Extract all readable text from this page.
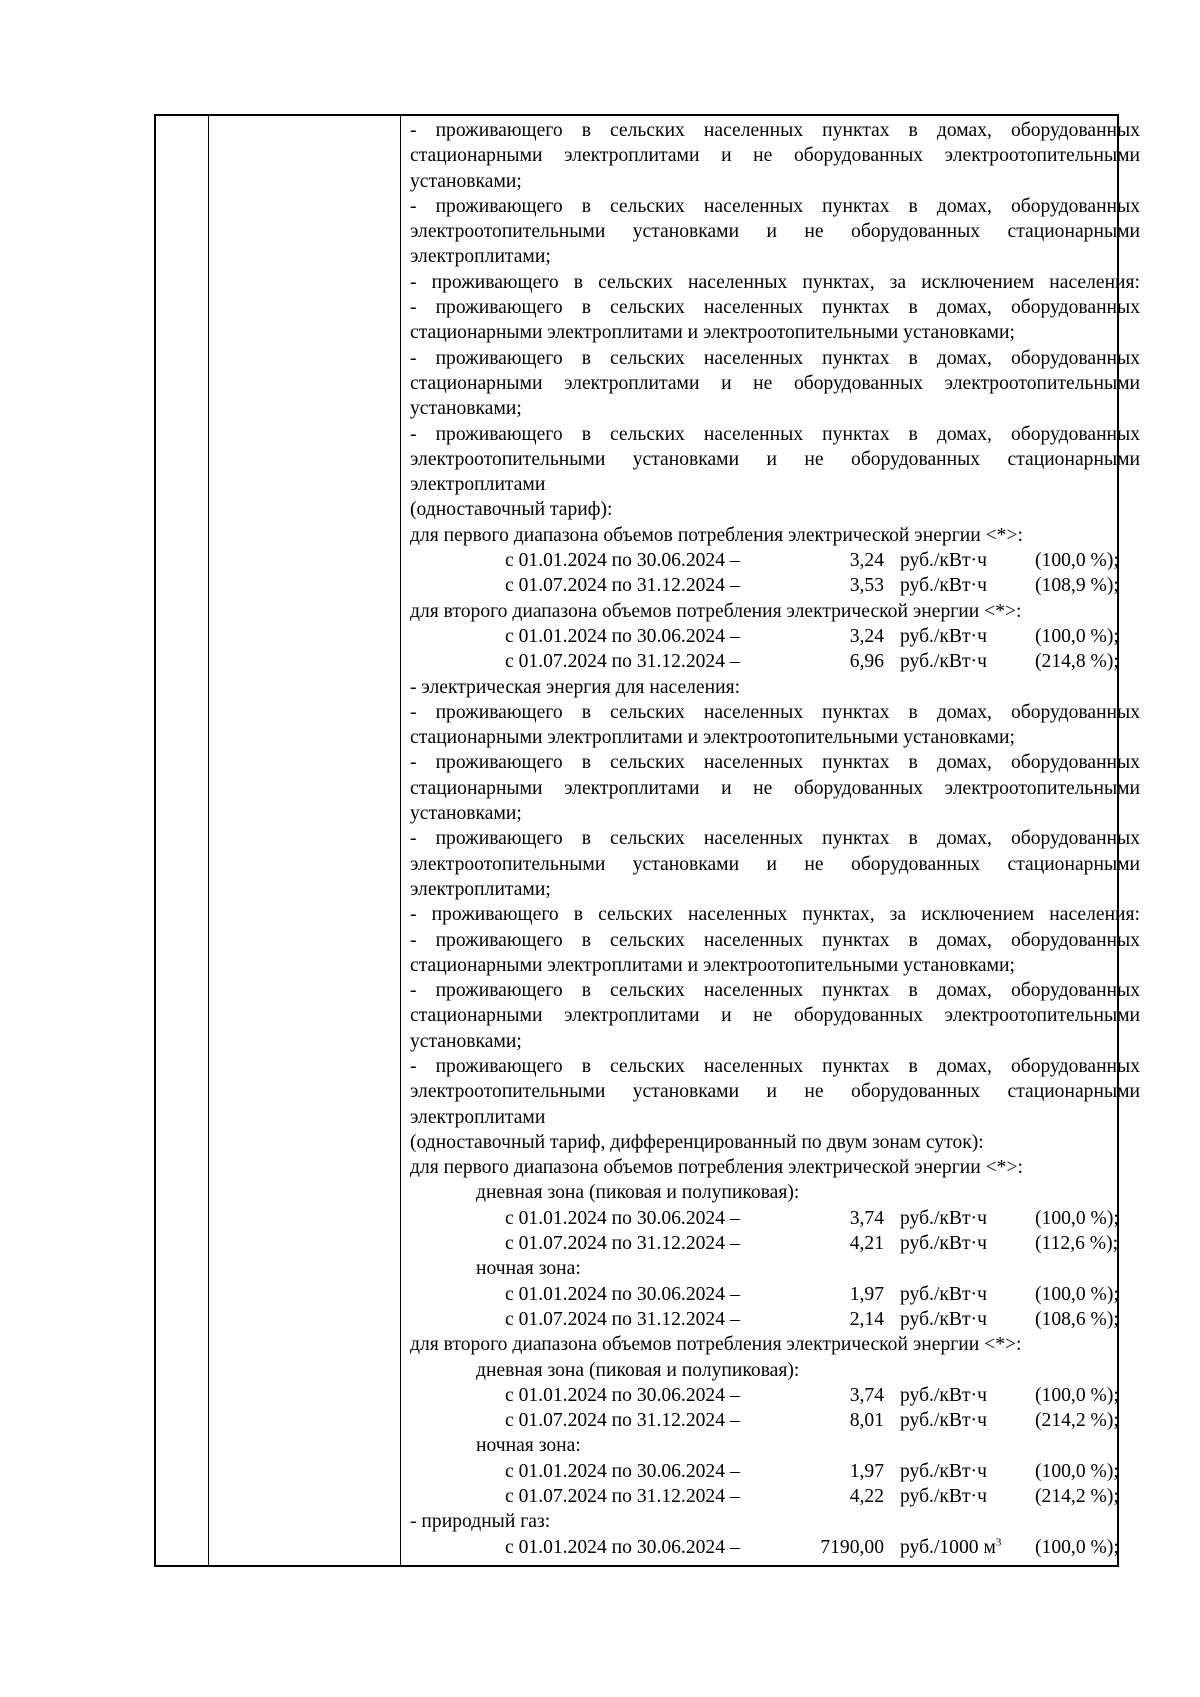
- проживающего в сельских населенных пунктах в домах, оборудованных
стационарными электроплитами и не оборудованных электроотопительными
установками;
- проживающего в сельских населенных пунктах в домах, оборудованных
электроотопительными установками и не оборудованных стационарными
электроплитами;
- проживающего в сельских населенных пунктах, за исключением населения:
- проживающего в сельских населенных пунктах в домах, оборудованных
стационарными электроплитами и электроотопительными установками;
- проживающего в сельских населенных пунктах в домах, оборудованных
стационарными электроплитами и не оборудованных электроотопительными
установками;
- проживающего в сельских населенных пунктах в домах, оборудованных
электроотопительными установками и не оборудованных стационарными
электроплитами
(одноставочный тариф):
для первого диапазона объемов потребления электрической энергии <*>:
с 01.01.2024 по 30.06.2024 –	3,24 руб./кВт·ч (100,0 %);
с 01.07.2024 по 31.12.2024 –	3,53 руб./кВт·ч (108,9 %);
для второго диапазона объемов потребления электрической энергии <*>:
с 01.01.2024 по 30.06.2024 –	3,24 руб./кВт·ч (100,0 %);
с 01.07.2024 по 31.12.2024 –	6,96 руб./кВт·ч (214,8 %);
- электрическая энергия для населения:
- проживающего в сельских населенных пунктах в домах, оборудованных
стационарными электроплитами и электроотопительными установками;
- проживающего в сельских населенных пунктах в домах, оборудованных
стационарными электроплитами и не оборудованных электроотопительными
установками;
- проживающего в сельских населенных пунктах в домах, оборудованных
электроотопительными установками и не оборудованных стационарными
электроплитами;
- проживающего в сельских населенных пунктах, за исключением населения:
- проживающего в сельских населенных пунктах в домах, оборудованных
стационарными электроплитами и электроотопительными установками;
- проживающего в сельских населенных пунктах в домах, оборудованных
стационарными электроплитами и не оборудованных электроотопительными
установками;
- проживающего в сельских населенных пунктах в домах, оборудованных
электроотопительными установками и не оборудованных стационарными
электроплитами
(одноставочный тариф, дифференцированный по двум зонам суток):
для первого диапазона объемов потребления электрической энергии <*>:
дневная зона (пиковая и полупиковая):
с 01.01.2024 по 30.06.2024 –	3,74 руб./кВт·ч (100,0 %);
с 01.07.2024 по 31.12.2024 –	4,21 руб./кВт·ч (112,6 %);
ночная зона:
с 01.01.2024 по 30.06.2024 –	1,97 руб./кВт·ч (100,0 %);
с 01.07.2024 по 31.12.2024 –	2,14 руб./кВт·ч (108,6 %);
для второго диапазона объемов потребления электрической энергии <*>:
дневная зона (пиковая и полупиковая):
с 01.01.2024 по 30.06.2024 –	3,74 руб./кВт·ч (100,0 %);
с 01.07.2024 по 31.12.2024 –	8,01 руб./кВт·ч (214,2 %);
ночная зона:
с 01.01.2024 по 30.06.2024 –	1,97 руб./кВт·ч (100,0 %);
с 01.07.2024 по 31.12.2024 –	4,22 руб./кВт·ч (214,2 %);
- природный газ:
с 01.01.2024 по 30.06.2024 –	7190,00 руб./1000 $м^3$ (100,0 %);
